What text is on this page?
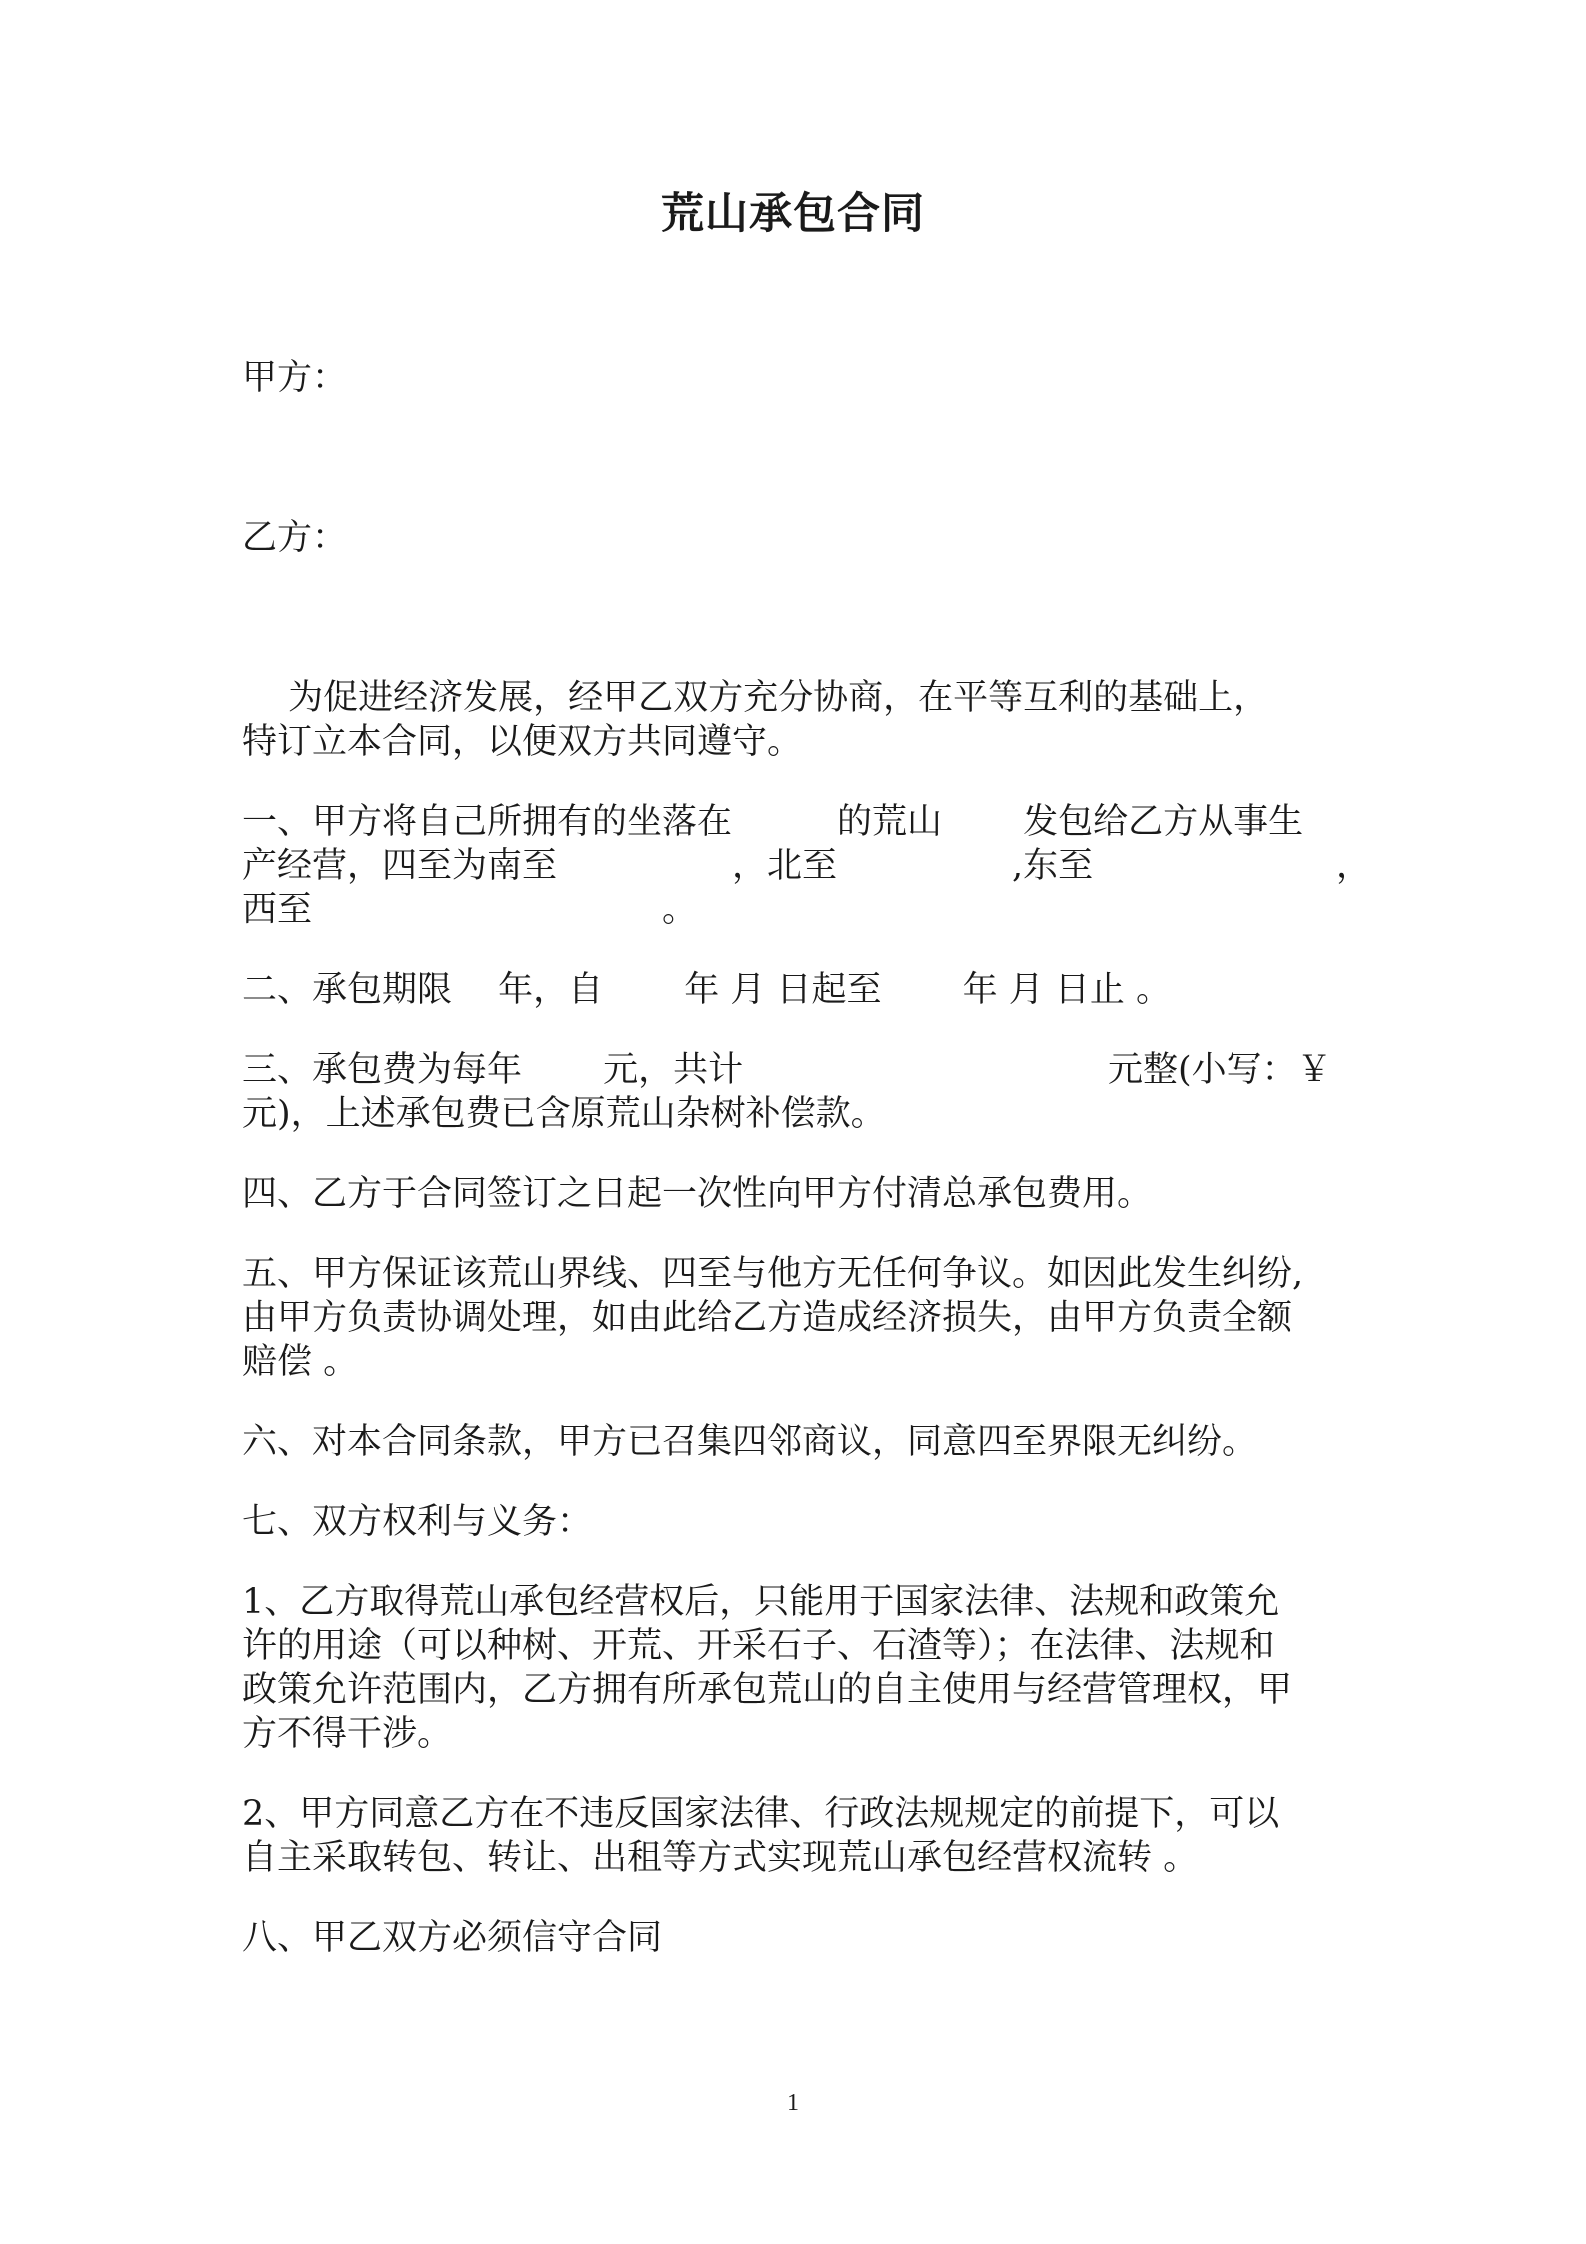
荒山承包合同
甲方：
乙方：
　 为促进经济发展，经甲乙双方充分协商，在平等互利的基础上，
特订立本合同，以便双方共同遵守。
一、甲方将自己所拥有的坐落在　　　的荒山　　 发包给乙方从事生
产经营，四至为南至　　　　　，北至　　　　　,东至	，
西至　　　　　　　　　　。
二、承包期限　 年，自　　 年 月 日起至　　 年 月 日止 。
三、承包费为每年　　 元，共计	元整(小写：￥
元)，上述承包费已含原荒山杂树补偿款。
四、乙方于合同签订之日起一次性向甲方付清总承包费用。
五、甲方保证该荒山界线、四至与他方无任何争议。如因此发生纠纷,
由甲方负责协调处理，如由此给乙方造成经济损失，由甲方负责全额
赔偿 。
六、对本合同条款，甲方已召集四邻商议，同意四至界限无纠纷。
七、双方权利与义务：
1、乙方取得荒山承包经营权后，只能用于国家法律、法规和政策允
许的用途（可以种树、开荒、开采石子、石渣等）；在法律、法规和
政策允许范围内，乙方拥有所承包荒山的自主使用与经营管理权，甲
方不得干涉。
2、甲方同意乙方在不违反国家法律、行政法规规定的前提下，可以
自主采取转包、转让、出租等方式实现荒山承包经营权流转 。
八、甲乙双方必须信守合同
1
